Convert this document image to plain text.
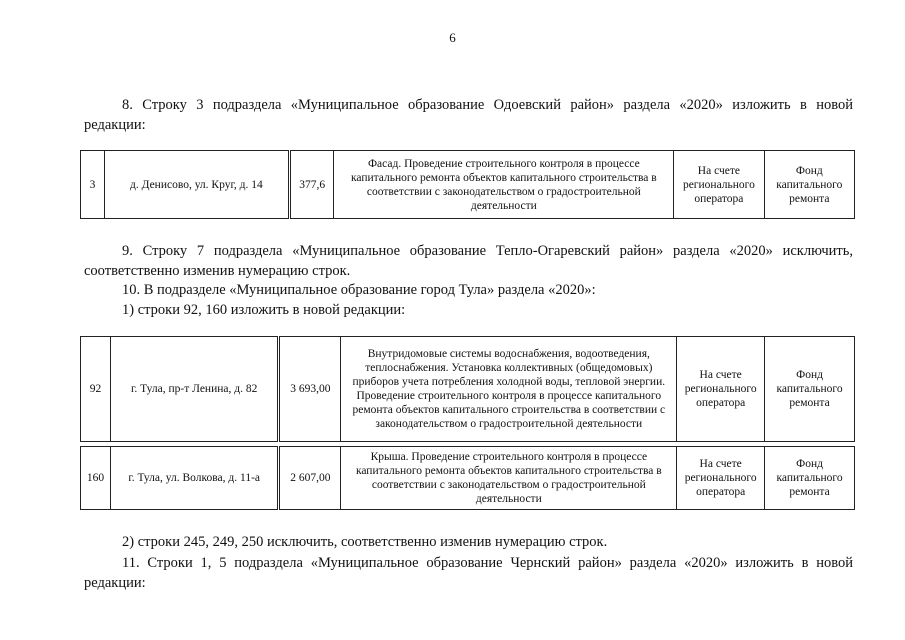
6
8. Строку 3 подраздела «Муниципальное образование Одоевский район» раздела «2020» изложить в новой
редакции:
3	д. Денисово, ул. Круг, д. 14	377,6	Фасад. Проведение строительного контроля в процессе капитального ремонта объектов капитального строительства в соответствии с законодательством о градостроительной деятельности	На счете регионального оператора	Фонд капитального ремонта
9. Строку 7 подраздела «Муниципальное образование Тепло-Огаревский район» раздела «2020» исключить,
соответственно изменив нумерацию строк.
10. В подразделе «Муниципальное образование город Тула» раздела «2020»:
1) строки 92, 160 изложить в новой редакции:
92	г. Тула, пр-т Ленина, д. 82	3 693,00	Внутридомовые системы водоснабжения, водоотведения, теплоснабжения. Установка коллективных (общедомовых) приборов учета потребления холодной воды, тепловой энергии. Проведение строительного контроля в процессе капитального ремонта объектов капитального строительства в соответствии с законодательством о градостроительной деятельности	На счете регионального оператора	Фонд капитального ремонта
160	г. Тула, ул. Волкова, д. 11-а	2 607,00	Крыша. Проведение строительного контроля в процессе капитального ремонта объектов капитального строительства в соответствии с законодательством о градостроительной деятельности	На счете регионального оператора	Фонд капитального ремонта
2) строки 245, 249, 250 исключить, соответственно изменив нумерацию строк.
11. Строки 1, 5 подраздела «Муниципальное образование Чернский район» раздела «2020» изложить в новой
редакции:
